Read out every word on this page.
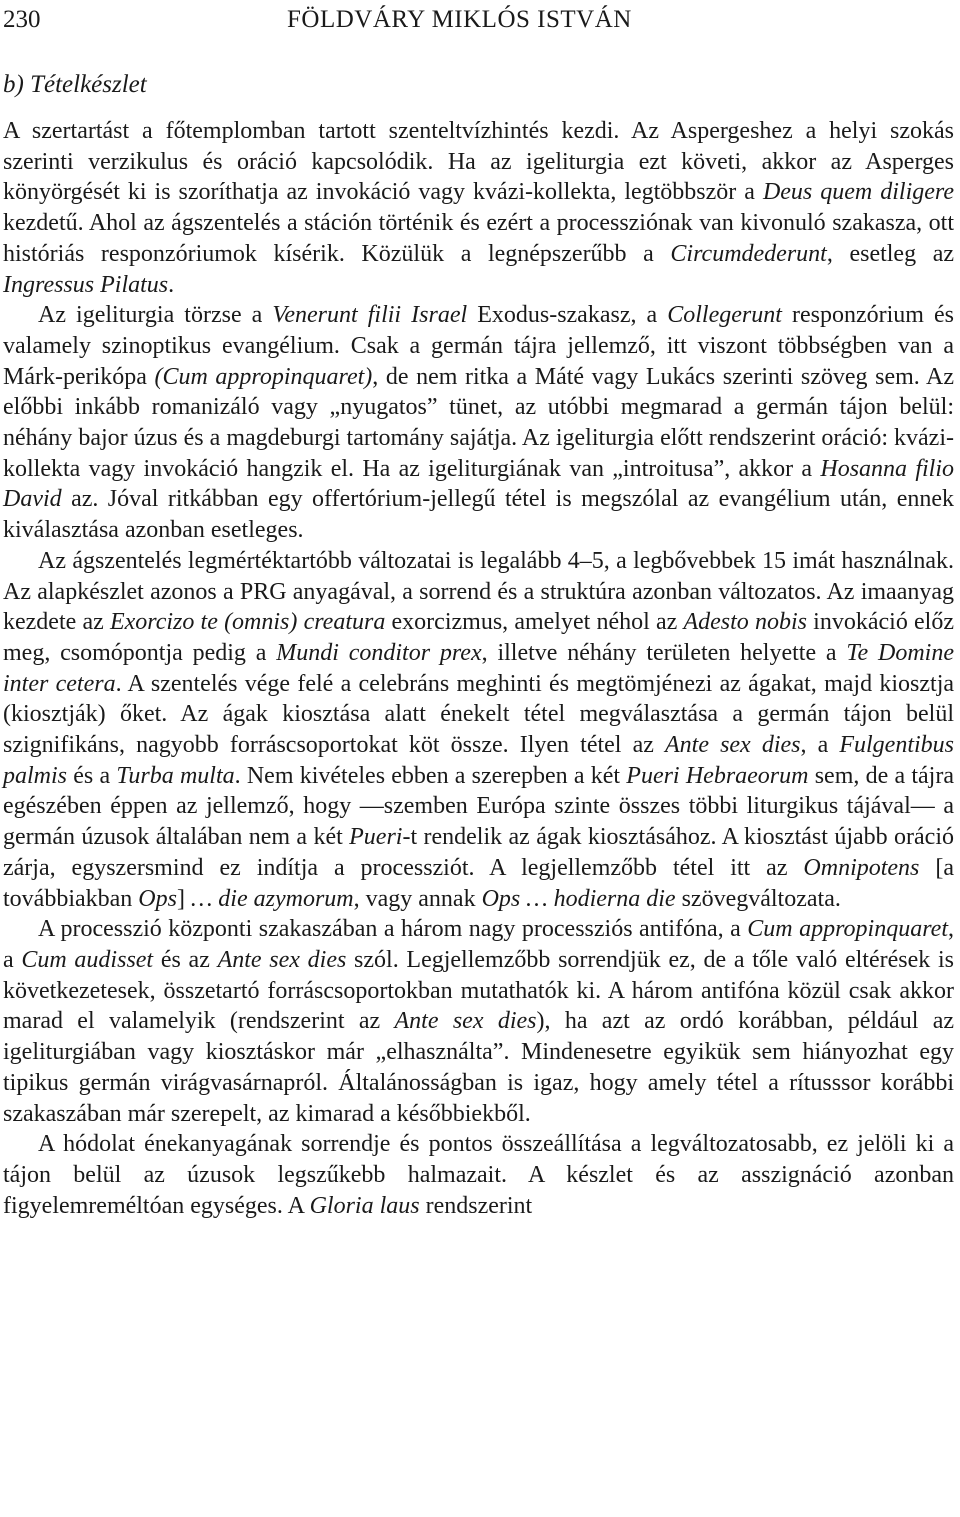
230	FÖLDVÁRY MIKLÓS ISTVÁN
b) Tételkészlet

A szertartást a főtemplomban tartott szenteltvízhintés kezdi. Az Aspergeshez a helyi szokás szerinti verzikulus és oráció kapcsolódik. Ha az igeliturgia ezt követi, akkor az Asperges könyörgését ki is szoríthatja az invokáció vagy kvázi-kollekta, legtöbbször a Deus quem diligere kezdetű. Ahol az ágszentelés a stáción történik és ezért a processziónak van kivonuló szakasza, ott históriás responzóriumok kísérik. Közülük a legnépszerűbb a Circumdederunt, esetleg az Ingressus Pilatus.

Az igeliturgia törzse a Venerunt filii Israel Exodus-szakasz, a Collegerunt responzórium és valamely szinoptikus evangélium. Csak a germán tájra jellemző, itt viszont többségben van a Márk-perikópa (Cum appropinquaret), de nem ritka a Máté vagy Lukács szerinti szöveg sem. Az előbbi inkább romanizáló vagy „nyugatos” tünet, az utóbbi megmarad a germán tájon belül: néhány bajor úzus és a magdeburgi tartomány sajátja. Az igeliturgia előtt rendszerint oráció: kvázi-kollekta vagy invokáció hangzik el. Ha az igeliturgiának van „introitusa”, akkor a Hosanna filio David az. Jóval ritkábban egy offertórium-jellegű tétel is megszólal az evangélium után, ennek kiválasztása azonban esetleges.

Az ágszentelés legmértéktartóbb változatai is legalább 4–5, a legbővebbek 15 imát használnak. Az alapkészlet azonos a PRG anyagával, a sorrend és a struktúra azonban változatos. Az imaanyag kezdete az Exorcizo te (omnis) creatura exorcizmus, amelyet néhol az Adesto nobis invokáció előz meg, csomópontja pedig a Mundi conditor prex, illetve néhány területen helyette a Te Domine inter cetera. A szentelés vége felé a celebráns meghinti és megtömjénezi az ágakat, majd kiosztja (kiosztják) őket. Az ágak kiosztása alatt énekelt tétel megválasztása a germán tájon belül szignifikáns, nagyobb forráscsoportokat köt össze. Ilyen tétel az Ante sex dies, a Fulgentibus palmis és a Turba multa. Nem kivételes ebben a szerepben a két Pueri Hebraeorum sem, de a tájra egészében éppen az jellemző, hogy —szemben Európa szinte összes többi liturgikus tájával— a germán úzusok általában nem a két Pueri-t rendelik az ágak kiosztásához. A kiosztást újabb oráció zárja, egyszersmind ez indítja a processziót. A legjellemzőbb tétel itt az Omnipotens [a továbbiakban Ops] … die azymorum, vagy annak Ops … hodierna die szövegváltozata.

A processzió központi szakaszában a három nagy processziós antifóna, a Cum appropinquaret, a Cum audisset és az Ante sex dies szól. Legjellemzőbb sorrendjük ez, de a tőle való eltérések is következetesek, összetartó forráscsoportokban mutathatók ki. A három antifóna közül csak akkor marad el valamelyik (rendszerint az Ante sex dies), ha azt az ordó korábban, például az igeliturgiában vagy kiosztáskor már „elhasználta”. Mindenesetre egyikük sem hiányozhat egy tipikus germán virágvasárnapról. Általánosságban is igaz, hogy amely tétel a rítusssor korábbi szakaszában már szerepelt, az kimarad a későbbiekből.

A hódolat énekanyagának sorrendje és pontos összeállítása a legváltozatosabb, ez jelöli ki a tájon belül az úzusok legszűkebb halmazait. A készlet és az asszignáció azonban figyelemreméltóan egységes. A Gloria laus rendszerint
